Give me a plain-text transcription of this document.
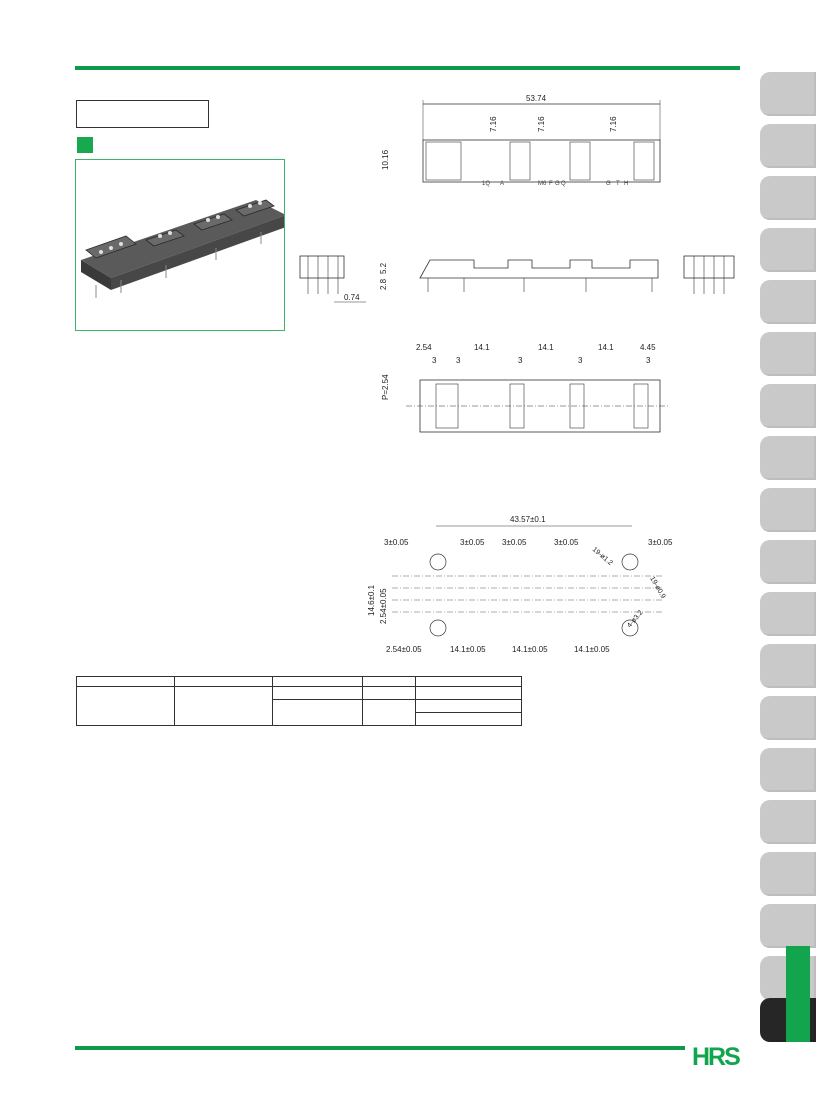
53.74
7.16	7.16	7.16
10.16
1Q A	M6 F G Q	G T H
0.74
5.2
2.8
2.54	14.1	14.1	14.1	4.45
3 3	3	3	3
P=2.54
43.57±0.1
3±0.05	3±0.05 3±0.05	3±0.05	3±0.05
19-ø1.2
19-ø0.9
4-ø3.2
14.6±0.1 2.54±0.05
2.54±0.05	14.1±0.05	14.1±0.05	14.1±0.05

HRS
